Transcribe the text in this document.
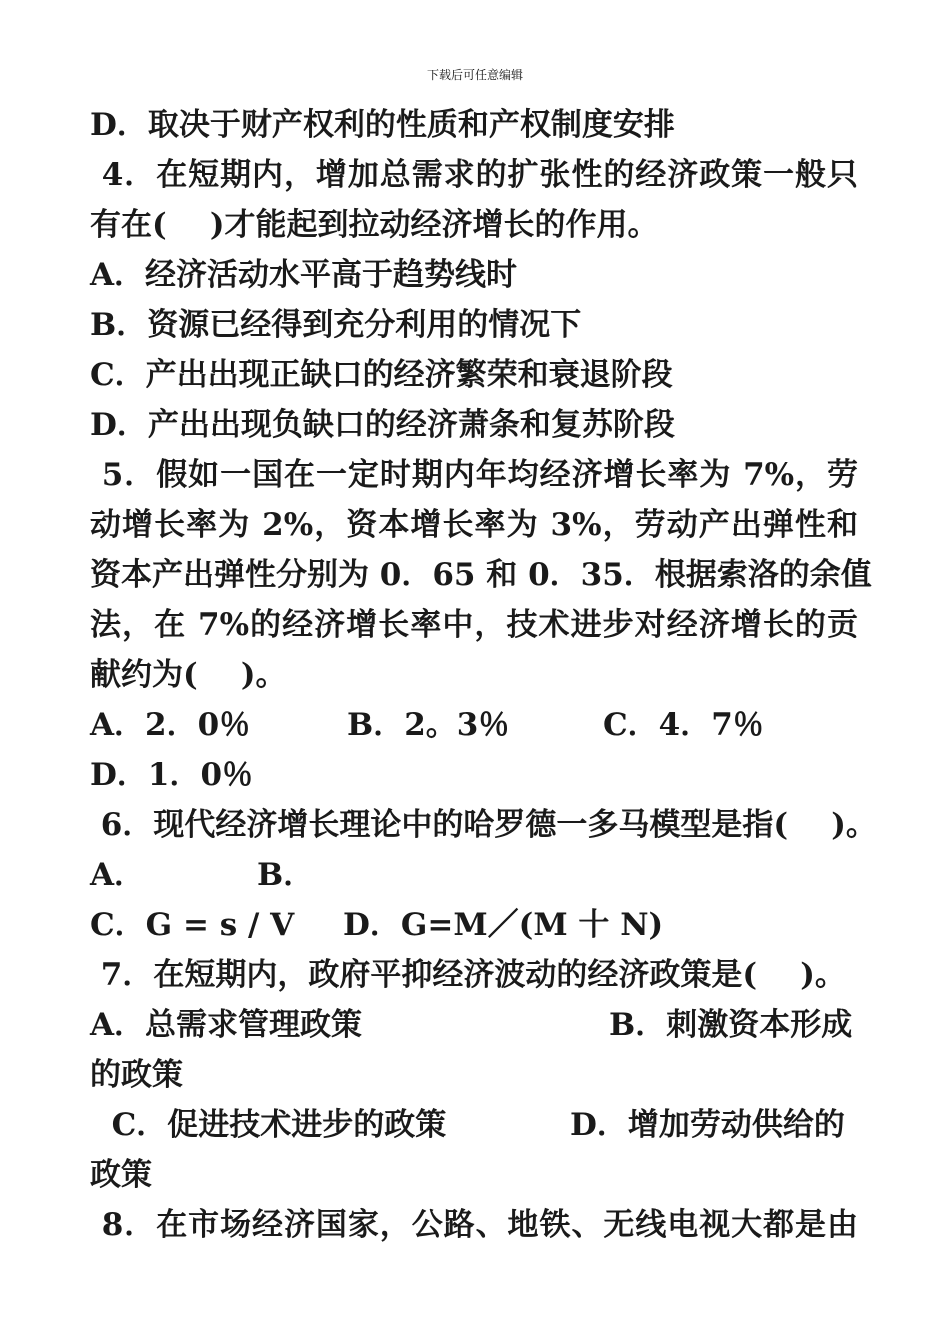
下载后可任意编辑
D．取决于财产权利的性质和产权制度安排
4．在短期内，增加总需求的扩张性的经济政策一般只
有在(    )才能起到拉动经济增长的作用。
A．经济活动水平高于趋势线时
B．资源已经得到充分利用的情况下
C．产出出现正缺口的经济繁荣和衰退阶段
D．产出出现负缺口的经济萧条和复苏阶段
5．假如一国在一定时期内年均经济增长率为 7%，劳
动增长率为 2%，资本增长率为 3%，劳动产出弹性和
资本产出弹性分别为 0．65 和 0．35．根据索洛的余值
法，在 7%的经济增长率中，技术进步对经济增长的贡
献约为(    )。
A．2．0％	B．2。3％	C．4．7％
D．1．0％
6．现代经济增长理论中的哈罗德一多马模型是指(    )。
A．	B．
C．G = s / V D．G=M／(M 十 N)
7．在短期内，政府平抑经济波动的经济政策是(    )。
A．总需求管理政策	B．刺激资本形成
的政策
C．促进技术进步的政策	D．增加劳动供给的
政策
8．在市场经济国家，公路、地铁、无线电视大都是由
